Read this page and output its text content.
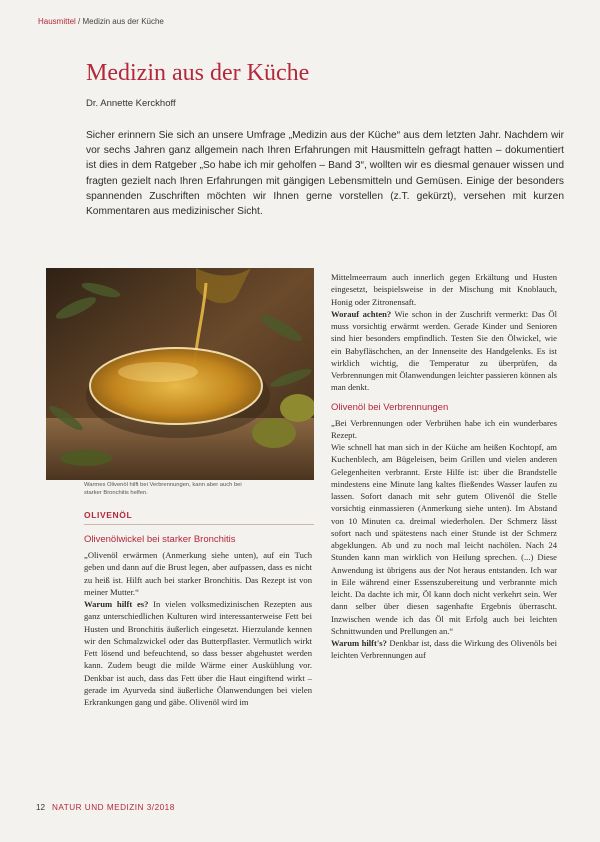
Hausmittel / Medizin aus der Küche
Medizin aus der Küche
Dr. Annette Kerckhoff
Sicher erinnern Sie sich an unsere Umfrage „Medizin aus der Küche“ aus dem letzten Jahr. Nachdem wir vor sechs Jahren ganz allgemein nach Ihren Erfahrungen mit Hausmitteln gefragt hatten – dokumentiert ist dies in dem Ratgeber „So habe ich mir geholfen – Band 3“, wollten wir es diesmal genauer wissen und fragten gezielt nach Ihren Erfahrungen mit gängigen Lebensmitteln und Gemüsen. Einige der besonders spannenden Zuschriften möchten wir Ihnen gerne vorstellen (z.T. gekürzt), versehen mit kurzen Kommentaren aus medizinischer Sicht.
Warmes Olivenöl hilft bei Verbrennungen, kann aber auch bei starker Bronchitis helfen.
OLIVENÖL

Olivenölwickel bei starker Bronchitis

„Olivenöl erwärmen (Anmerkung siehe unten), auf ein Tuch geben und dann auf die Brust legen, aber aufpassen, dass es nicht zu heiß ist. Hilft auch bei starker Bronchitis. Das Rezept ist von meiner Mutter.“

Warum hilft es? In vielen volksmedizinischen Rezepten aus ganz unterschiedlichen Kulturen wird interessanterweise Fett bei Husten und Bronchitis äußerlich eingesetzt. Hierzulande kennen wir den Schmalzwickel oder das Butterpflaster. Vermutlich wirkt Fett lösend und befeuchtend, so dass besser abgehustet werden kann. Zudem beugt die milde Wärme einer Auskühlung vor. Denkbar ist auch, dass das Fett über die Haut eingiftend wirkt – gerade im Ayurveda sind äußerliche Ölanwendungen bei vielen Erkrankungen gang und gäbe. Olivenöl wird im

Mittelmeerraum auch innerlich gegen Erkältung und Husten eingesetzt, beispielsweise in der Mischung mit Knoblauch, Honig oder Zitronensaft.

Worauf achten? Wie schon in der Zuschrift vermerkt: Das Öl muss vorsichtig erwärmt werden. Gerade Kinder und Senioren sind hier besonders empfindlich. Testen Sie den Ölwickel, wie ein Babyfläschchen, an der Innenseite des Handgelenks. Es ist wirklich wichtig, die Temperatur zu überprüfen, da Verbrennungen mit Ölanwendungen leichter passieren können als man denkt.

Olivenöl bei Verbrennungen

„Bei Verbrennungen oder Verbrühen habe ich ein wunderbares Rezept.

Wie schnell hat man sich in der Küche am heißen Kochtopf, am Kuchenblech, am Bügeleisen, beim Grillen und vielen anderen Gelegenheiten verbrannt. Erste Hilfe ist: über die Brandstelle mindestens eine Minute lang kaltes fließendes Wasser laufen zu lassen. Sofort danach mit sehr gutem Olivenöl die Stelle vorsichtig einmassieren (Anmerkung siehe unten). Im Abstand von 10 Minuten ca. dreimal wiederholen. Der Schmerz lässt sofort nach und spätestens nach einer Stunde ist der Schmerz abgeklungen. Ab und zu noch mal leicht nachölen. Nach 24 Stunden kann man wirklich von Heilung sprechen. (...) Diese Anwendung ist übrigens aus der Not heraus entstanden. Ich war in Eile während einer Essenszubereitung und verbrannte mich leicht. Da dachte ich mir, Öl kann doch nicht verkehrt sein. Wer dann selber über diesen sagenhafte Ergebnis überrascht. Inzwischen wende ich das Öl mit Erfolg auch bei leichten Schnittwunden und Prellungen an.“

Warum hilft's? Denkbar ist, dass die Wirkung des Olivenöls bei leichten Verbrennungen auf

12 NATUR UND MEDIZIN 3/2018
